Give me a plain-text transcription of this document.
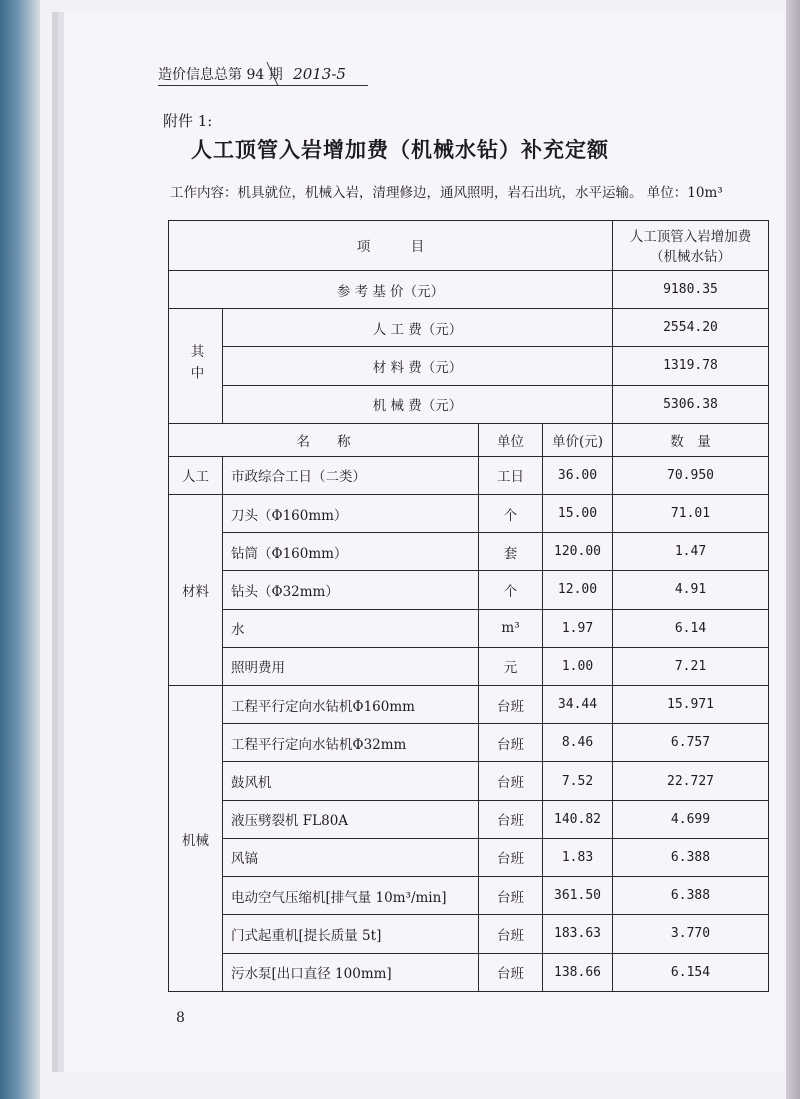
造价信息总第 94 期 2013-5
附件 1:
人工顶管入岩增加费（机械水钻）补充定额
工作内容：机具就位，机械入岩，清理修边，通风照明，岩石出坑，水平运输。 单位：10m³
项　　　目				人工顶管入岩增加费（机械水钻）
参 考 基 价（元）				9180.35
其中	人 工 费（元）			2554.20
	材 料 费（元）			1319.78
	机 械 费（元）			5306.38
名　　称		单位	单价(元)	数　量
人工	市政综合工日（二类）	工日	36.00	70.950
材料	刀头（Φ160mm）	个	15.00	71.01
	钻筒（Φ160mm）	套	120.00	1.47
	钻头（Φ32mm）	个	12.00	4.91
	水	m³	1.97	6.14
	照明费用	元	1.00	7.21
机械	工程平行定向水钻机Φ160mm	台班	34.44	15.971
	工程平行定向水钻机Φ32mm	台班	8.46	6.757
	鼓风机	台班	7.52	22.727
	液压劈裂机 FL80A	台班	140.82	4.699
	风镐	台班	1.83	6.388
	电动空气压缩机[排气量 10m³/min]	台班	361.50	6.388
	门式起重机[提长质量 5t]	台班	183.63	3.770
	污水泵[出口直径 100mm]	台班	138.66	6.154
8
